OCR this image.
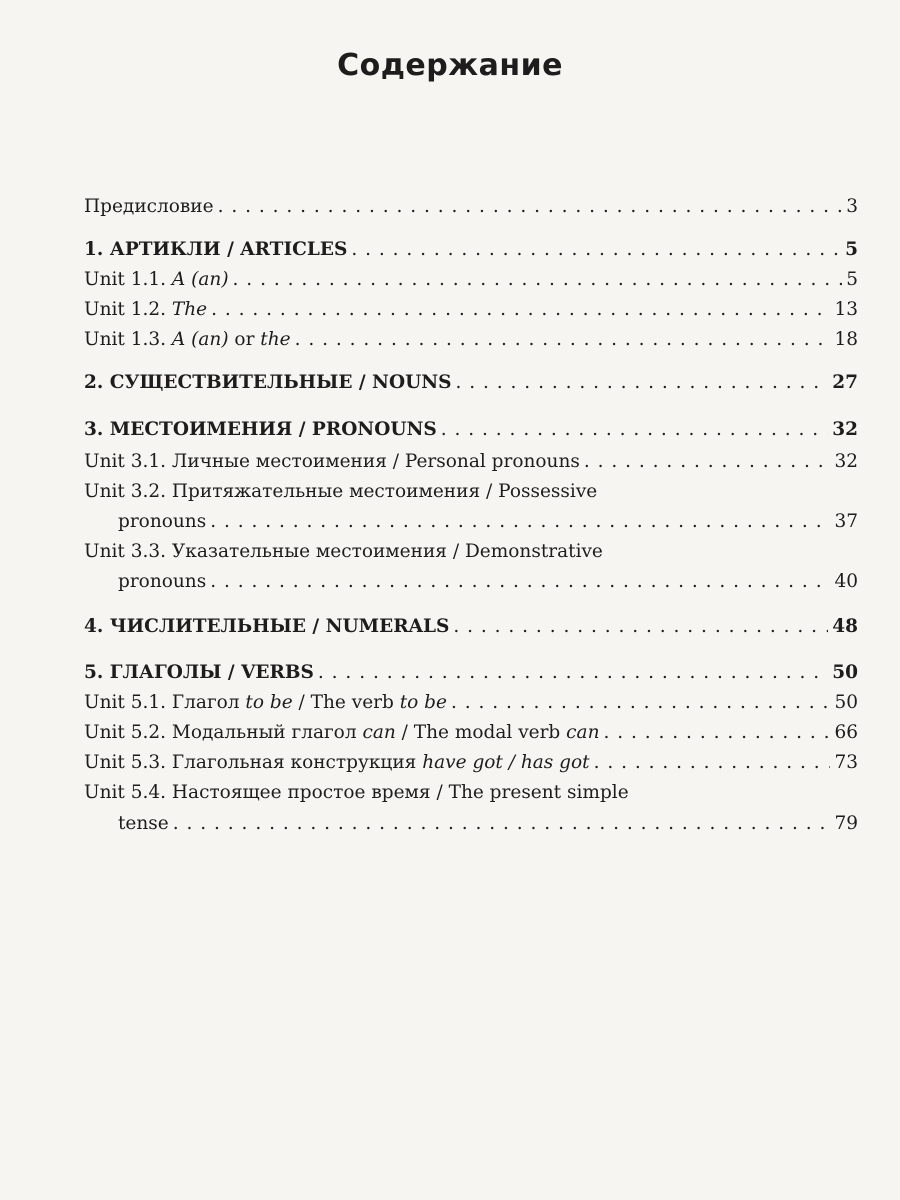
Содержание
Предисловие . . .	3
1. АРТИКЛИ / ARTICLES . . .	5
Unit 1.1. A (an) . . .	5
Unit 1.2. The . . .	13
Unit 1.3. A (an) or the . . .	18
2. СУЩЕСТВИТЕЛЬНЫЕ / NOUNS . . .	27
3. МЕСТОИМЕНИЯ / PRONOUNS . . .	32
Unit 3.1. Личные местоимения / Personal pronouns . . .	32
Unit 3.2. Притяжательные местоимения / Possessive
pronouns . . .	37
Unit 3.3. Указательные местоимения / Demonstrative
pronouns . . .	40
4. ЧИСЛИТЕЛЬНЫЕ / NUMERALS . . .	48
5. ГЛАГОЛЫ / VERBS . . .	50
Unit 5.1. Глагол to be / The verb to be . . .	50
Unit 5.2. Модальный глагол can / The modal verb can . . .	66
Unit 5.3. Глагольная конструкция have got / has got . . .	73
Unit 5.4. Настоящее простое время / The present simple
tense . . .	79
